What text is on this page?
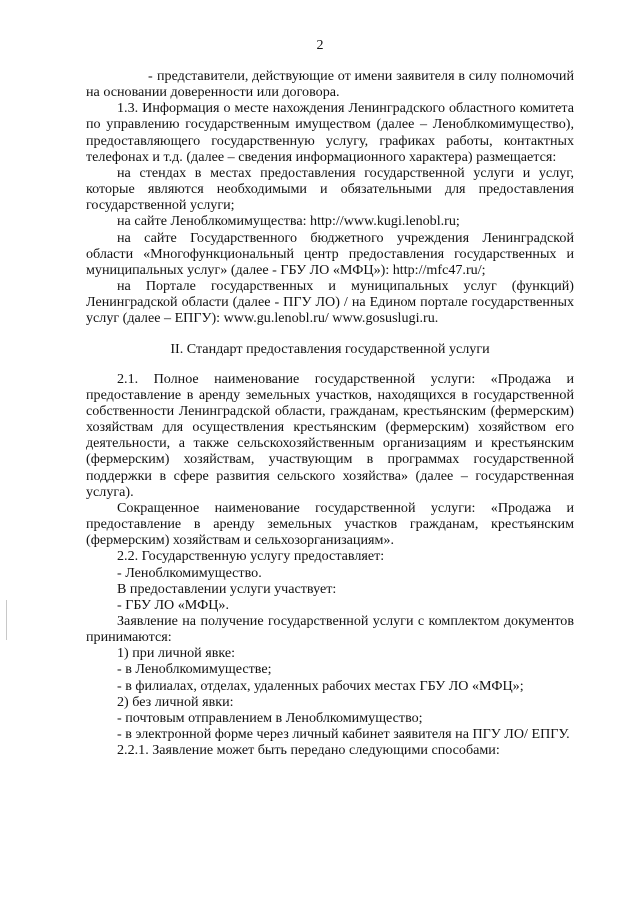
2

- представители, действующие от имени заявителя в силу полномочий на основании доверенности или договора.

1.3. Информация о месте нахождения Ленинградского областного комитета по управлению государственным имуществом (далее – Леноблкомимущество), предоставляющего государственную услугу, графиках работы, контактных телефонах и т.д. (далее – сведения информационного характера) размещается:

на стендах в местах предоставления государственной услуги и услуг, которые являются необходимыми и обязательными для предоставления государственной услуги;

на сайте Леноблкомимущества: http://www.kugi.lenobl.ru;

на сайте Государственного бюджетного учреждения Ленинградской области «Многофункциональный центр предоставления государственных и муниципальных услуг» (далее - ГБУ ЛО «МФЦ»): http://mfc47.ru/;

на Портале государственных и муниципальных услуг (функций) Ленинградской области (далее - ПГУ ЛО) / на Едином портале государственных услуг (далее – ЕПГУ): www.gu.lenobl.ru/ www.gosuslugi.ru.

II. Стандарт предоставления государственной услуги

2.1. Полное наименование государственной услуги: «Продажа и предоставление в аренду земельных участков, находящихся в государственной собственности Ленинградской области, гражданам, крестьянским (фермерским) хозяйствам для осуществления крестьянским (фермерским) хозяйством его деятельности, а также сельскохозяйственным организациям и крестьянским (фермерским) хозяйствам, участвующим в программах государственной поддержки в сфере развития сельского хозяйства» (далее – государственная услуга).

Сокращенное наименование государственной услуги: «Продажа и предоставление в аренду земельных участков гражданам, крестьянским (фермерским) хозяйствам и сельхозорганизациям».

2.2. Государственную услугу предоставляет:

- Леноблкомимущество.

В предоставлении услуги участвует:

- ГБУ ЛО «МФЦ».

Заявление на получение государственной услуги с комплектом документов принимаются:

1) при личной явке:

- в Леноблкомимуществе;

- в филиалах, отделах, удаленных рабочих местах ГБУ ЛО «МФЦ»;

2) без личной явки:

- почтовым отправлением в Леноблкомимущество;

- в электронной форме через личный кабинет заявителя на ПГУ ЛО/ ЕПГУ.

2.2.1. Заявление может быть передано следующими способами:
